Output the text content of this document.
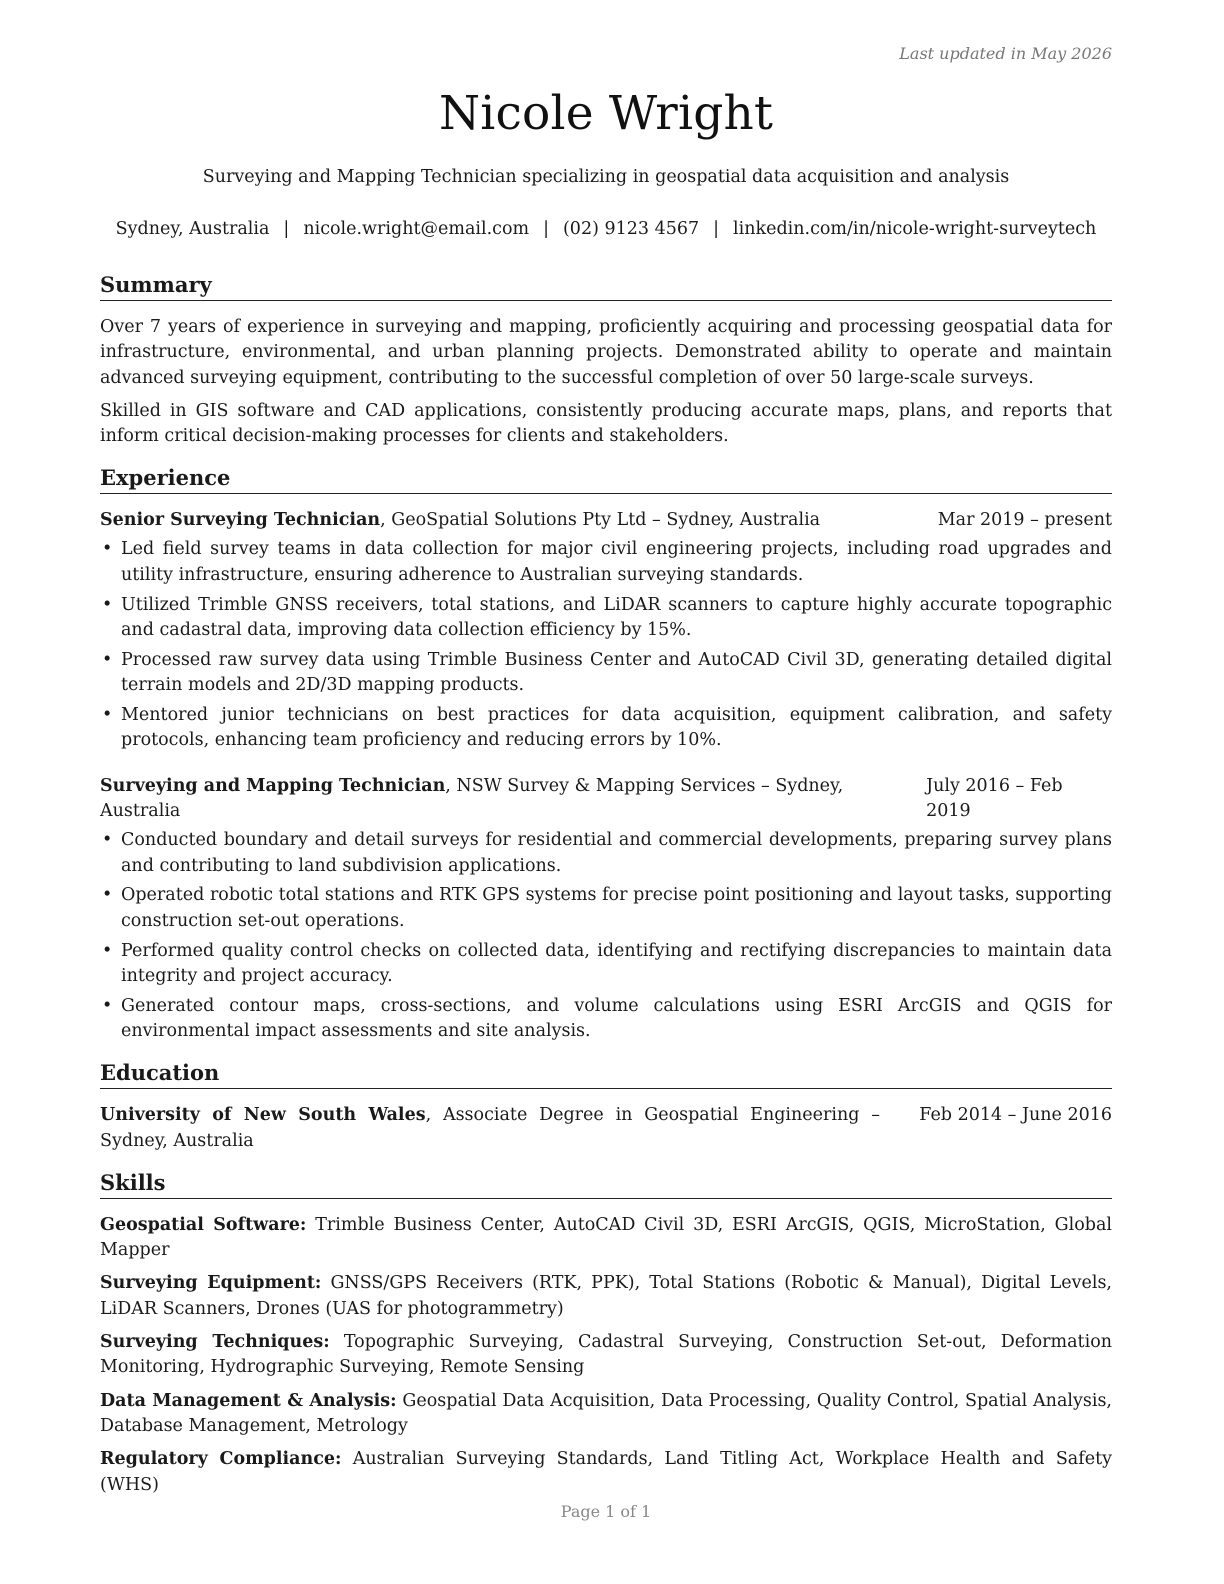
Last updated in May 2026
Nicole Wright
Surveying and Mapping Technician specializing in geospatial data acquisition and analysis
Sydney, Australia | nicole.wright@email.com | (02) 9123 4567 | linkedin.com/in/nicole-wright-surveytech
Summary

Over 7 years of experience in surveying and mapping, proficiently acquiring and processing geospatial data for infrastructure, environmental, and urban planning projects. Demonstrated ability to operate and maintain advanced surveying equipment, contributing to the successful completion of over 50 large-scale surveys.

Skilled in GIS software and CAD applications, consistently producing accurate maps, plans, and reports that inform critical decision-making processes for clients and stakeholders.

Experience
Senior Surveying Technician, GeoSpatial Solutions Pty Ltd – Sydney, Australia	Mar 2019 – present
• Led field survey teams in data collection for major civil engineering projects, including road upgrades and utility infrastructure, ensuring adherence to Australian surveying standards.
• Utilized Trimble GNSS receivers, total stations, and LiDAR scanners to capture highly accurate topographic and cadastral data, improving data collection efficiency by 15%.
• Processed raw survey data using Trimble Business Center and AutoCAD Civil 3D, generating detailed digital terrain models and 2D/3D mapping products.
• Mentored junior technicians on best practices for data acquisition, equipment calibration, and safety protocols, enhancing team proficiency and reducing errors by 10%.
Surveying and Mapping Technician, NSW Survey & Mapping Services – Sydney, Australia
July 2016 – Feb 2019
• Conducted boundary and detail surveys for residential and commercial developments, preparing survey plans and contributing to land subdivision applications.
• Operated robotic total stations and RTK GPS systems for precise point positioning and layout tasks, supporting construction set-out operations.
• Performed quality control checks on collected data, identifying and rectifying discrepancies to maintain data integrity and project accuracy.
• Generated contour maps, cross-sections, and volume calculations using ESRI ArcGIS and QGIS for environmental impact assessments and site analysis.
Education
University of New South Wales, Associate Degree in Geospatial Engineering – Sydney, Australia
Feb 2014 – June 2016
Skills

Geospatial Software: Trimble Business Center, AutoCAD Civil 3D, ESRI ArcGIS, QGIS, MicroStation, Global Mapper

Surveying Equipment: GNSS/GPS Receivers (RTK, PPK), Total Stations (Robotic & Manual), Digital Levels, LiDAR Scanners, Drones (UAS for photogrammetry)

Surveying Techniques: Topographic Surveying, Cadastral Surveying, Construction Set-out, Deformation Monitoring, Hydrographic Surveying, Remote Sensing

Data Management & Analysis: Geospatial Data Acquisition, Data Processing, Quality Control, Spatial Analysis, Database Management, Metrology

Regulatory Compliance: Australian Surveying Standards, Land Titling Act, Workplace Health and Safety (WHS)

Page 1 of 1
